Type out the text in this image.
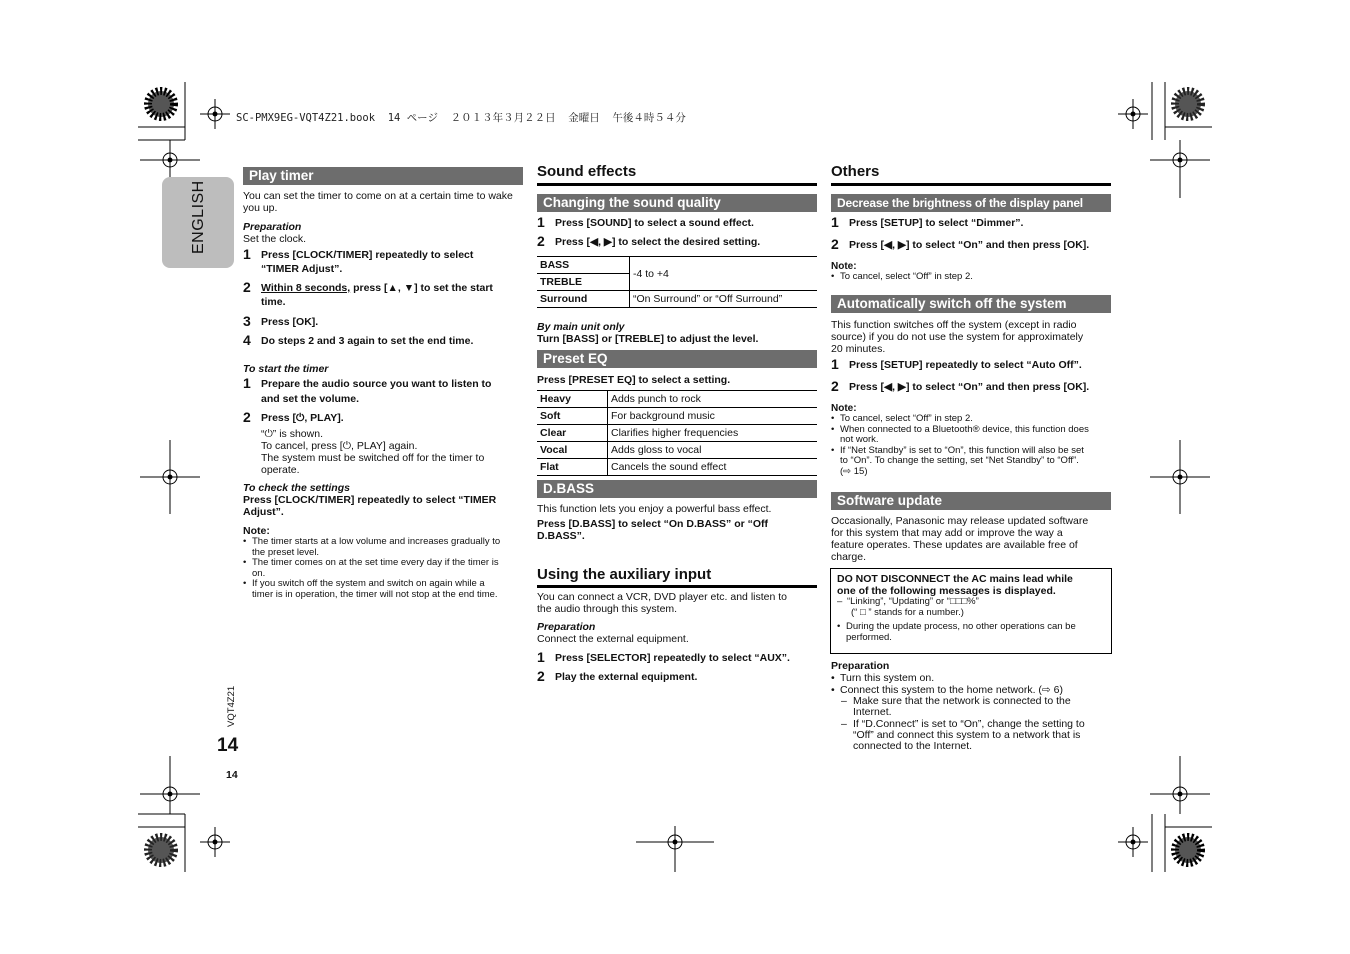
SC-PMX9EG-VQT4Z21.book  14 ページ  ２０１３年３月２２日  金曜日  午後４時５４分
ENGLISH
VQT4Z21
14
14
Play timer
You can set the timer to come on at a certain time to wake you up.
Preparation
Set the clock.
1 Press [CLOCK/TIMER] repeatedly to select
“TIMER Adjust”.
2 Within 8 seconds, press [▲, ▼] to set the start
time.
3 Press [OK].
4 Do steps 2 and 3 again to set the end time.
To start the timer
1 Prepare the audio source you want to listen to
and set the volume.
2 Press [⏻, PLAY].
“⏻” is shown.
To cancel, press [⏻, PLAY] again.
The system must be switched off for the timer to
operate.
To check the settings
Press [CLOCK/TIMER] repeatedly to select “TIMER
Adjust”.
Note:
• The timer starts at a low volume and increases gradually to
the preset level.
• The timer comes on at the set time every day if the timer is
on.
• If you switch off the system and switch on again while a
timer is in operation, the timer will not stop at the end time.
Sound effects
Changing the sound quality
1 Press [SOUND] to select a sound effect.
2 Press [◀, ▶] to select the desired setting.
BASS	-4 to +4
TREBLE	
Surround	“On Surround” or “Off Surround”
By main unit only
Turn [BASS] or [TREBLE] to adjust the level.
Preset EQ
Press [PRESET EQ] to select a setting.
Heavy	Adds punch to rock
Soft	For background music
Clear	Clarifies higher frequencies
Vocal	Adds gloss to vocal
Flat	Cancels the sound effect
D.BASS
This function lets you enjoy a powerful bass effect.
Press [D.BASS] to select “On D.BASS” or “Off
D.BASS”.
Using the auxiliary input
You can connect a VCR, DVD player etc. and listen to
the audio through this system.
Preparation
Connect the external equipment.
1 Press [SELECTOR] repeatedly to select “AUX”.
2 Play the external equipment.
Others
Decrease the brightness of the display panel
1 Press [SETUP] to select “Dimmer”.
2 Press [◀, ▶] to select “On” and then press [OK].
Note:
• To cancel, select “Off” in step 2.
Automatically switch off the system
This function switches off the system (except in radio
source) if you do not use the system for approximately
20 minutes.
1 Press [SETUP] repeatedly to select “Auto Off”.
2 Press [◀, ▶] to select “On” and then press [OK].
Note:
• To cancel, select “Off” in step 2.
• When connected to a Bluetooth® device, this function does
not work.
• If “Net Standby” is set to “On”, this function will also be set
to “On”. To change the setting, set “Net Standby” to “Off”.
(⇨ 15)
Software update
Occasionally, Panasonic may release updated software
for this system that may add or improve the way a
feature operates. These updates are available free of
charge.
DO NOT DISCONNECT the AC mains lead while
one of the following messages is displayed.
– “Linking”, “Updating” or “□□□%”
(“ □ ” stands for a number.)
• During the update process, no other operations can be
performed.
Preparation
• Turn this system on.
• Connect this system to the home network. (⇨ 6)
– Make sure that the network is connected to the
Internet.
– If “D.Connect” is set to “On”, change the setting to
“Off” and connect this system to a network that is
connected to the Internet.
